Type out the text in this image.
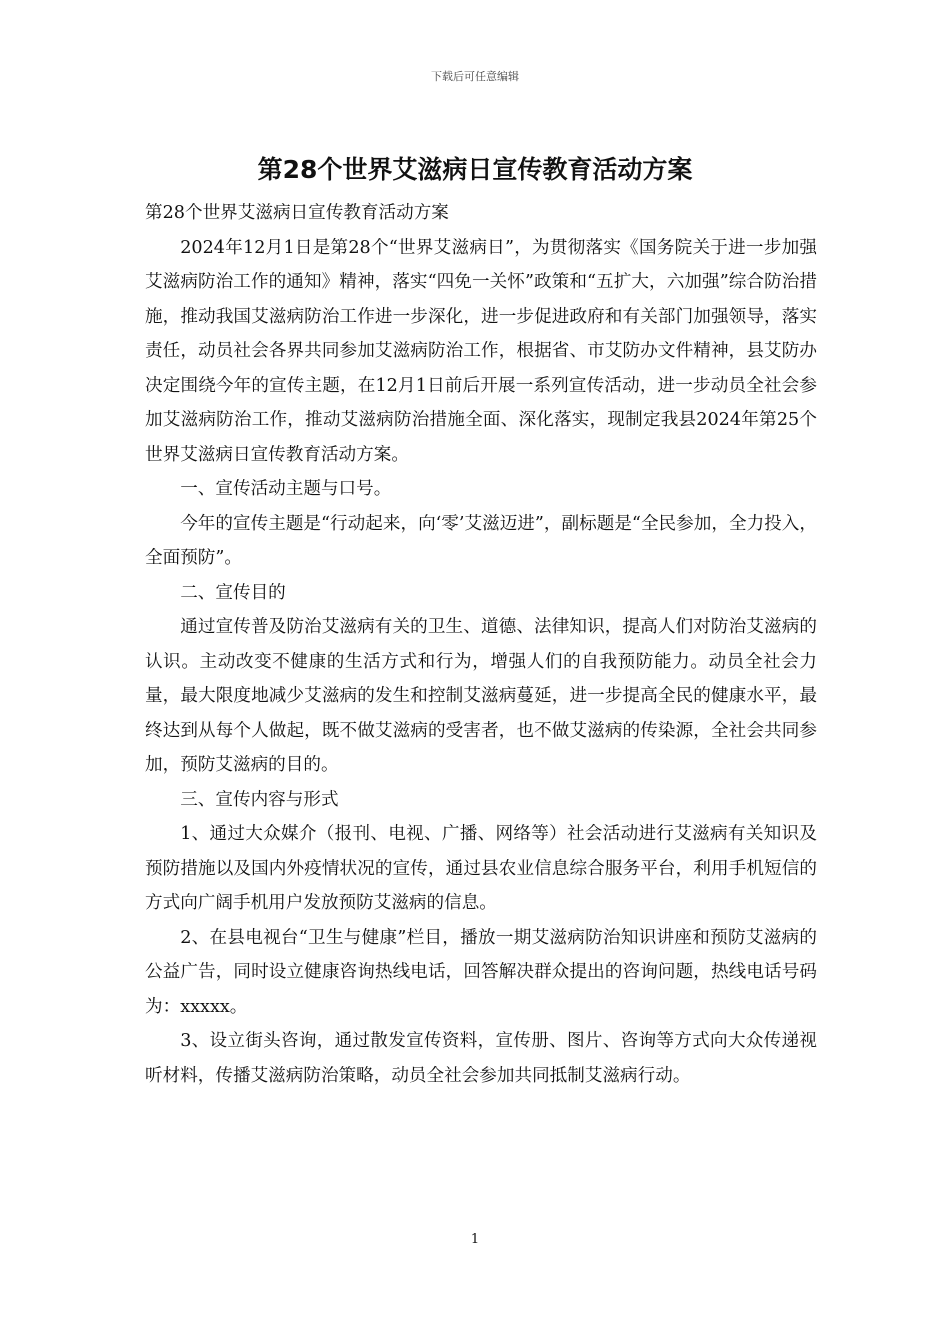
下载后可任意编辑
第28个世界艾滋病日宣传教育活动方案

第28个世界艾滋病日宣传教育活动方案

2024年12月1日是第28个“世界艾滋病日”，为贯彻落实《国务院关于进一步加强艾滋病防治工作的通知》精神，落实“四免一关怀”政策和“五扩大，六加强”综合防治措施，推动我国艾滋病防治工作进一步深化，进一步促进政府和有关部门加强领导，落实责任，动员社会各界共同参加艾滋病防治工作，根据省、市艾防办文件精神，县艾防办决定围绕今年的宣传主题，在12月1日前后开展一系列宣传活动，进一步动员全社会参加艾滋病防治工作，推动艾滋病防治措施全面、深化落实，现制定我县2024年第25个世界艾滋病日宣传教育活动方案。

一、宣传活动主题与口号。

今年的宣传主题是“行动起来，向‘零’艾滋迈进”，副标题是“全民参加，全力投入，全面预防”。

二、宣传目的

通过宣传普及防治艾滋病有关的卫生、道德、法律知识，提高人们对防治艾滋病的认识。主动改变不健康的生活方式和行为，增强人们的自我预防能力。动员全社会力量，最大限度地减少艾滋病的发生和控制艾滋病蔓延，进一步提高全民的健康水平，最终达到从每个人做起，既不做艾滋病的受害者，也不做艾滋病的传染源，全社会共同参加，预防艾滋病的目的。

三、宣传内容与形式

1、通过大众媒介（报刊、电视、广播、网络等）社会活动进行艾滋病有关知识及预防措施以及国内外疫情状况的宣传，通过县农业信息综合服务平台，利用手机短信的方式向广阔手机用户发放预防艾滋病的信息。

2、在县电视台“卫生与健康”栏目，播放一期艾滋病防治知识讲座和预防艾滋病的公益广告，同时设立健康咨询热线电话，回答解决群众提出的咨询问题，热线电话号码为：xxxxx。

3、设立街头咨询，通过散发宣传资料，宣传册、图片、咨询等方式向大众传递视听材料，传播艾滋病防治策略，动员全社会参加共同抵制艾滋病行动。

1
